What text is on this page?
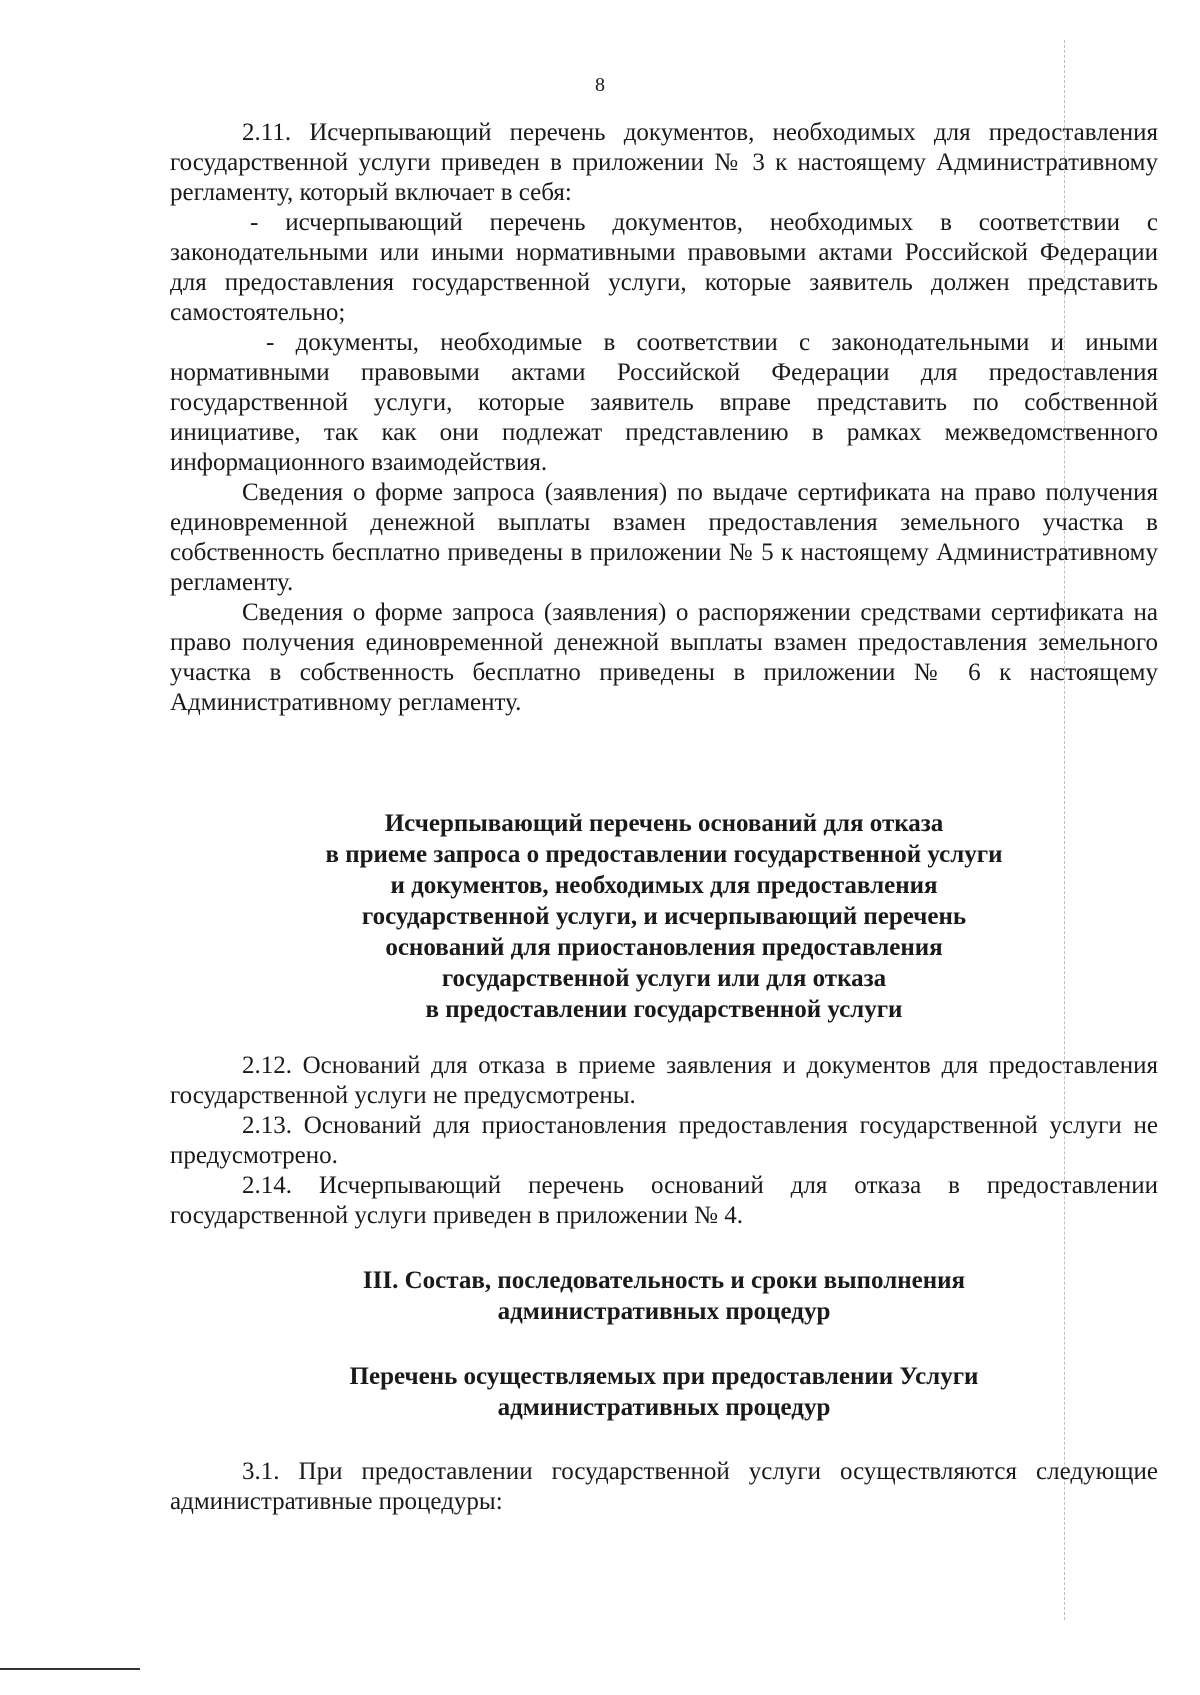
8

2.11. Исчерпывающий перечень документов, необходимых для предоставления государственной услуги приведен в приложении № 3 к настоящему Административному регламенту, который включает в себя:

- исчерпывающий перечень документов, необходимых в соответствии с законодательными или иными нормативными правовыми актами Российской Федерации для предоставления государственной услуги, которые заявитель должен представить самостоятельно;

- документы, необходимые в соответствии с законодательными и иными нормативными правовыми актами Российской Федерации для предоставления государственной услуги, которые заявитель вправе представить по собственной инициативе, так как они подлежат представлению в рамках межведомственного информационного взаимодействия.

Сведения о форме запроса (заявления) по выдаче сертификата на право получения единовременной денежной выплаты взамен предоставления земельного участка в собственность бесплатно приведены в приложении № 5 к настоящему Административному регламенту.

Сведения о форме запроса (заявления) о распоряжении средствами сертификата на право получения единовременной денежной выплаты взамен предоставления земельного участка в собственность бесплатно приведены в приложении № 6 к настоящему Административному регламенту.

Исчерпывающий перечень оснований для отказа

в приеме запроса о предоставлении государственной услуги

и документов, необходимых для предоставления

государственной услуги, и исчерпывающий перечень

оснований для приостановления предоставления

государственной услуги или для отказа

в предоставлении государственной услуги

2.12. Оснований для отказа в приеме заявления и документов для предоставления государственной услуги не предусмотрены.

2.13. Оснований для приостановления предоставления государственной услуги не предусмотрено.

2.14. Исчерпывающий перечень оснований для отказа в предоставлении государственной услуги приведен в приложении № 4.

III. Состав, последовательность и сроки выполнения

административных процедур

Перечень осуществляемых при предоставлении Услуги

административных процедур

3.1. При предоставлении государственной услуги осуществляются следующие административные процедуры:
